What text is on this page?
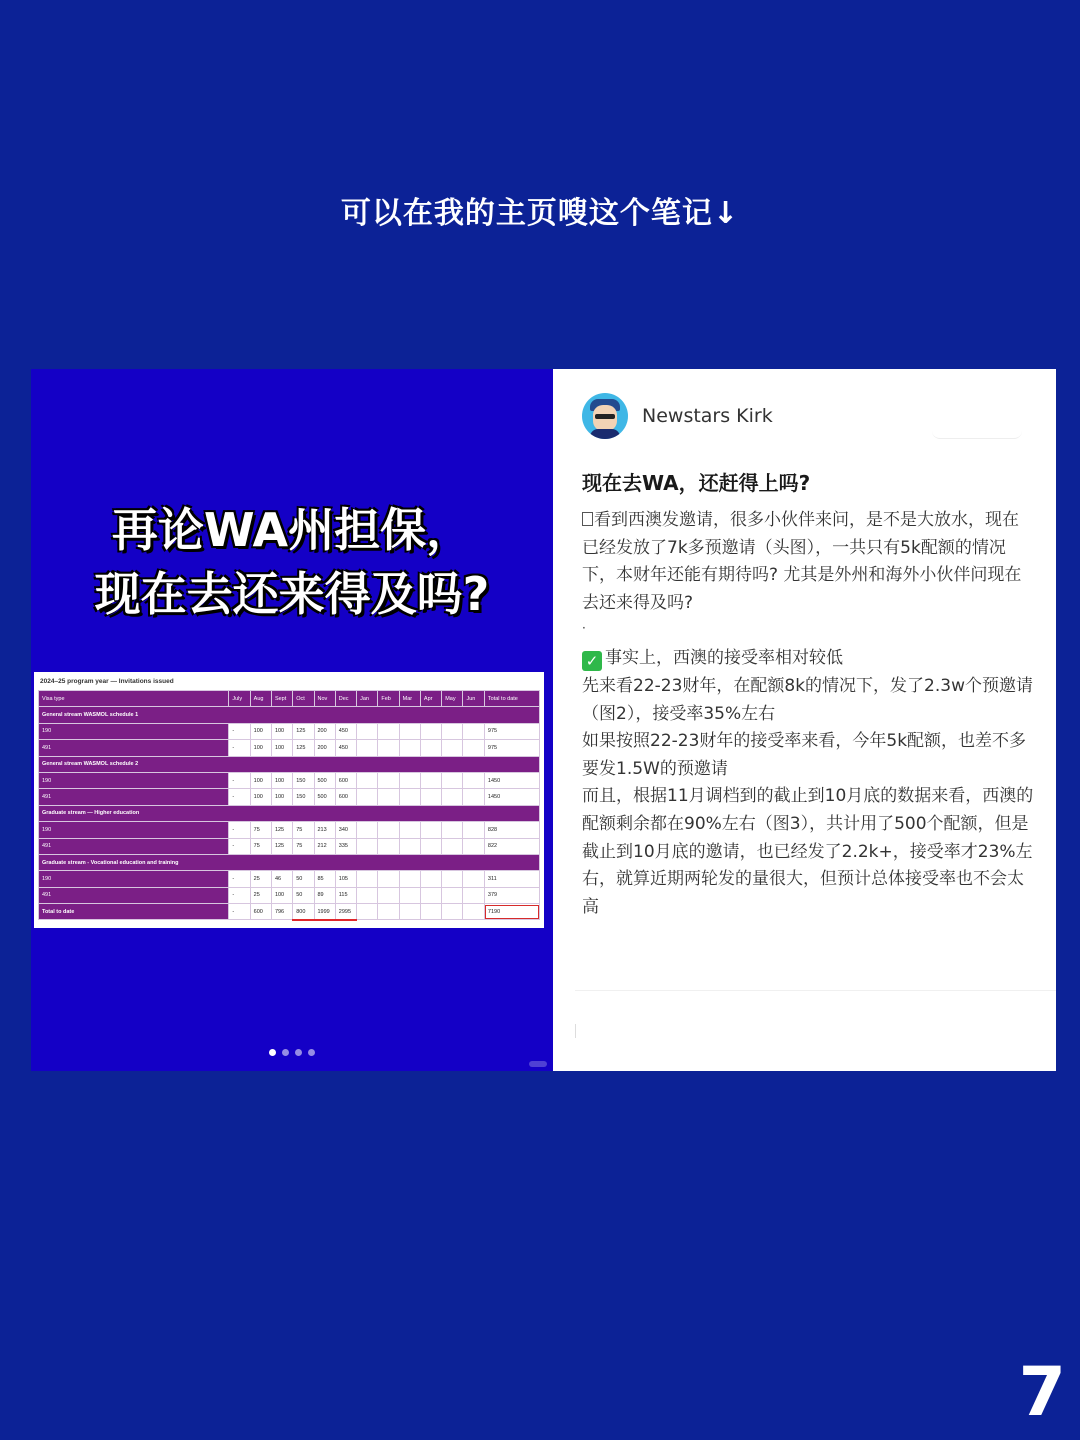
可以在我的主页嗖这个笔记↓
再论WA州担保，
现在去还来得及吗?
2024–25 program year — Invitations issued
Visa type	July	Aug	Sept	Oct	Nov	Dec	Jan	Feb	Mar	Apr	May	Jun	Total to date
General stream WASMOL schedule 1													
190	-	100	100	125	200	450							975
491	-	100	100	125	200	450							975
General stream WASMOL schedule 2													
190	-	100	100	150	500	600							1450
491	-	100	100	150	500	600							1450
Graduate stream — Higher education													
190	-	75	125	75	213	340							828
491	-	75	125	75	212	335							822
Graduate stream - Vocational education and training													
190	-	25	46	50	85	105							311
491	-	25	100	50	89	115							379
Total to date	-	600	796	800	1999	2995							7190
Newstars Kirk
现在去WA，还赶得上吗?

看到西澳发邀请，很多小伙伴来问，是不是大放水，现在已经发放了7k多预邀请（头图），一共只有5k配额的情况下，本财年还能有期待吗? 尤其是外州和海外小伙伴问现在去还来得及吗?

·

✓ 事实上，西澳的接受率相对较低

先来看22-23财年，在配额8k的情况下，发了2.3w个预邀请（图2），接受率35%左右

如果按照22-23财年的接受率来看，今年5k配额，也差不多要发1.5W的预邀请

而且，根据11月调档到的截止到10月底的数据来看，西澳的配额剩余都在90%左右（图3），共计用了500个配额，但是截止到10月底的邀请，也已经发了2.2k+，接受率才23%左右，就算近期两轮发的量很大，但预计总体接受率也不会太高

7
